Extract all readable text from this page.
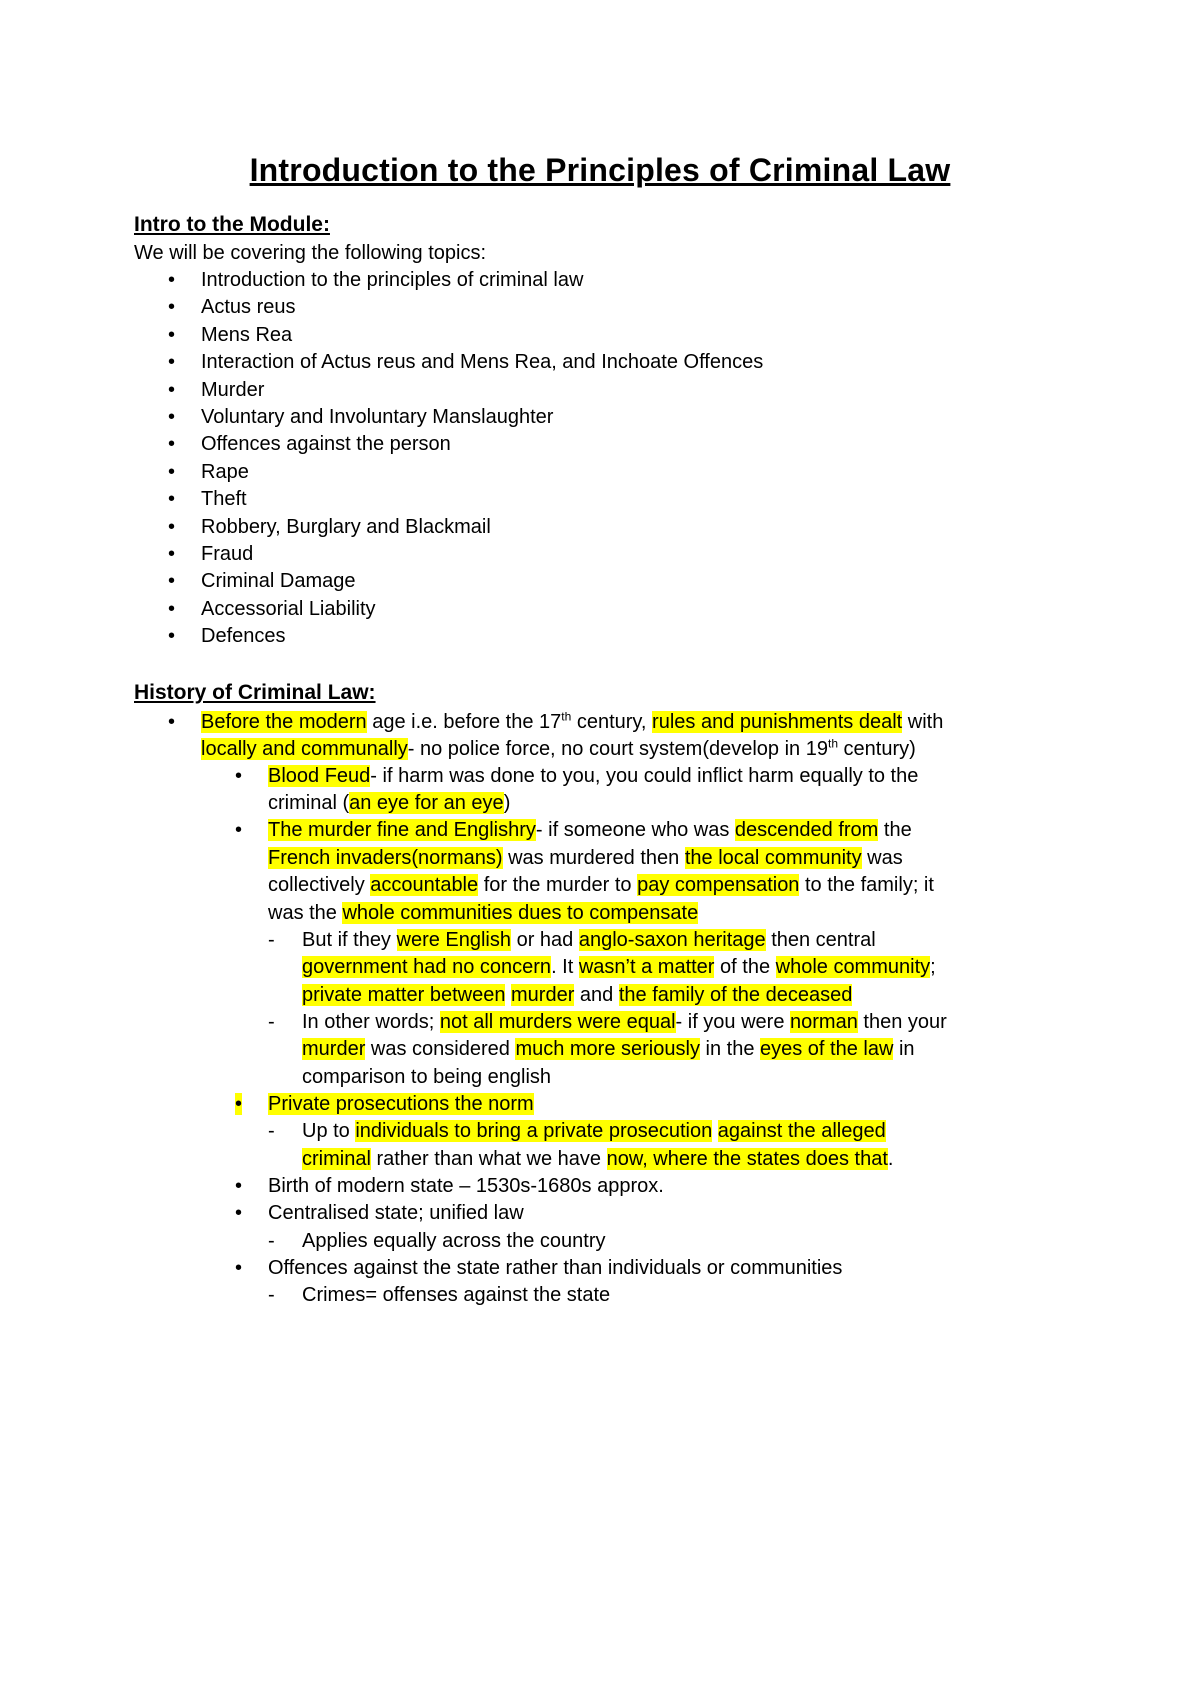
Introduction to the Principles of Criminal Law
Intro to the Module:
We will be covering the following topics:
• Introduction to the principles of criminal law
• Actus reus
• Mens Rea
• Interaction of Actus reus and Mens Rea, and Inchoate Offences
• Murder
• Voluntary and Involuntary Manslaughter
• Offences against the person
• Rape
• Theft
• Robbery, Burglary and Blackmail
• Fraud
• Criminal Damage
• Accessorial Liability
• Defences
History of Criminal Law:
• Before the modern age i.e. before the 17th century, rules and punishments dealt with
locally and communally- no police force, no court system(develop in 19th century)
• Blood Feud- if harm was done to you, you could inflict harm equally to the
criminal (an eye for an eye)
• The murder fine and Englishry- if someone who was descended from the
French invaders(normans) was murdered then the local community was
collectively accountable for the murder to pay compensation to the family; it
was the whole communities dues to compensate
- But if they were English or had anglo-saxon heritage then central
government had no concern. It wasn’t a matter of the whole community;
private matter between murder and the family of the deceased
- In other words; not all murders were equal- if you were norman then your
murder was considered much more seriously in the eyes of the law in
comparison to being english
• Private prosecutions the norm
- Up to individuals to bring a private prosecution against the alleged
criminal rather than what we have now, where the states does that.
• Birth of modern state – 1530s-1680s approx.
• Centralised state; unified law
- Applies equally across the country
• Offences against the state rather than individuals or communities
- Crimes= offenses against the state
